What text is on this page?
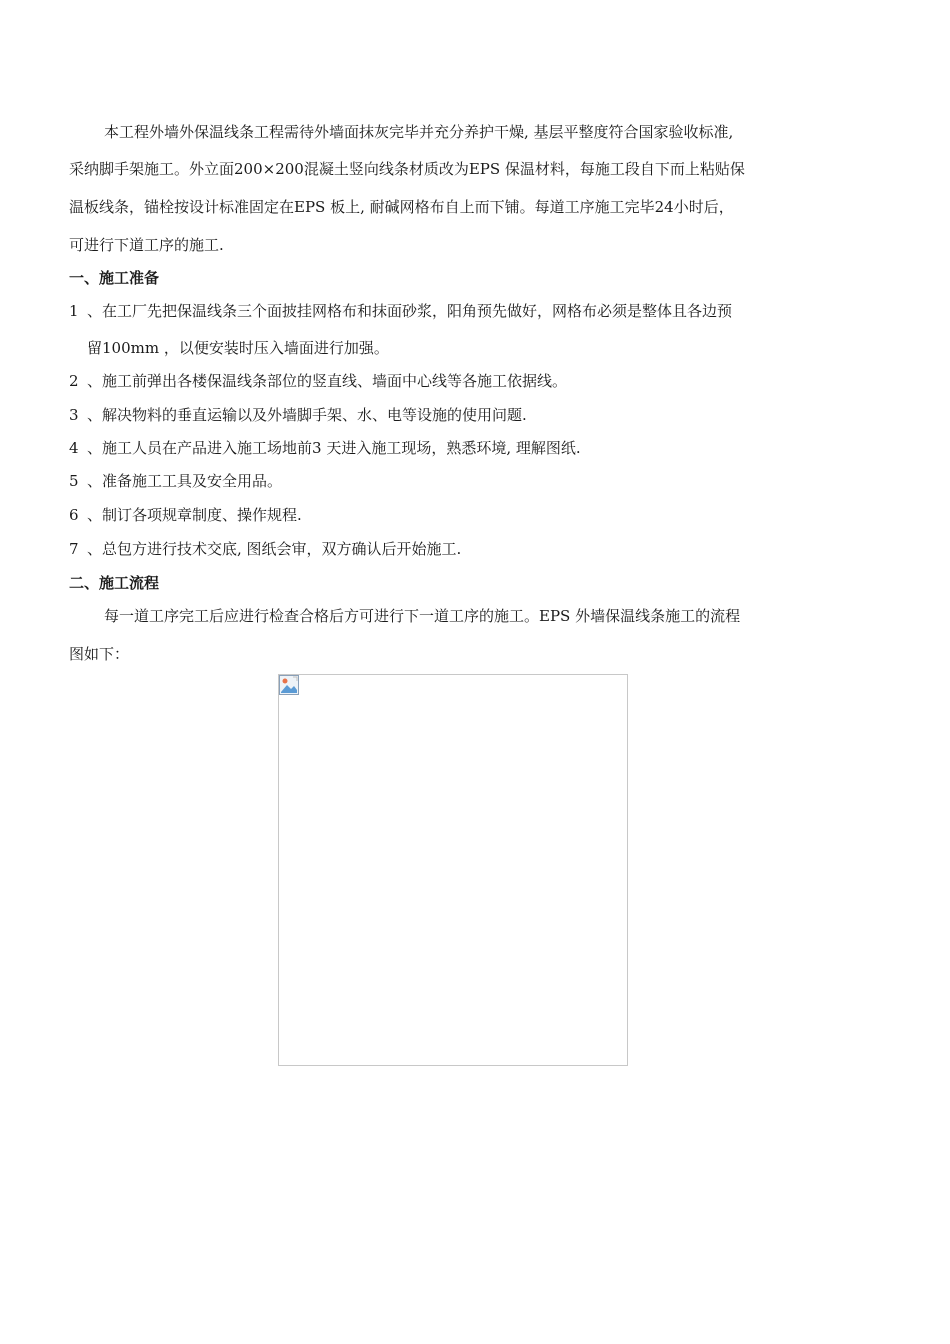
本工程外墙外保温线条工程需待外墙面抹灰完毕并充分养护干燥, 基层平整度符合国家验收标准,
采纳脚手架施工。外立面200×200混凝土竖向线条材质改为EPS 保温材料，每施工段自下而上粘贴保
温板线条，锚栓按设计标准固定在EPS 板上, 耐碱网格布自上而下铺。每道工序施工完毕24小时后，
可进行下道工序的施工.
一、施工准备
1 、在工厂先把保温线条三个面披挂网格布和抹面砂浆，阳角预先做好，网格布必须是整体且各边预
留100mm ，以便安装时压入墙面进行加强。
2 、施工前弹出各楼保温线条部位的竖直线、墙面中心线等各施工依据线。
3 、解决物料的垂直运输以及外墙脚手架、水、电等设施的使用问题.
4 、施工人员在产品进入施工场地前3 天进入施工现场，熟悉环境, 理解图纸.
5 、准备施工工具及安全用品。
6 、制订各项规章制度、操作规程.
7 、总包方进行技术交底, 图纸会审，双方确认后开始施工.
二、施工流程
每一道工序完工后应进行检查合格后方可进行下一道工序的施工。EPS 外墙保温线条施工的流程
图如下：
